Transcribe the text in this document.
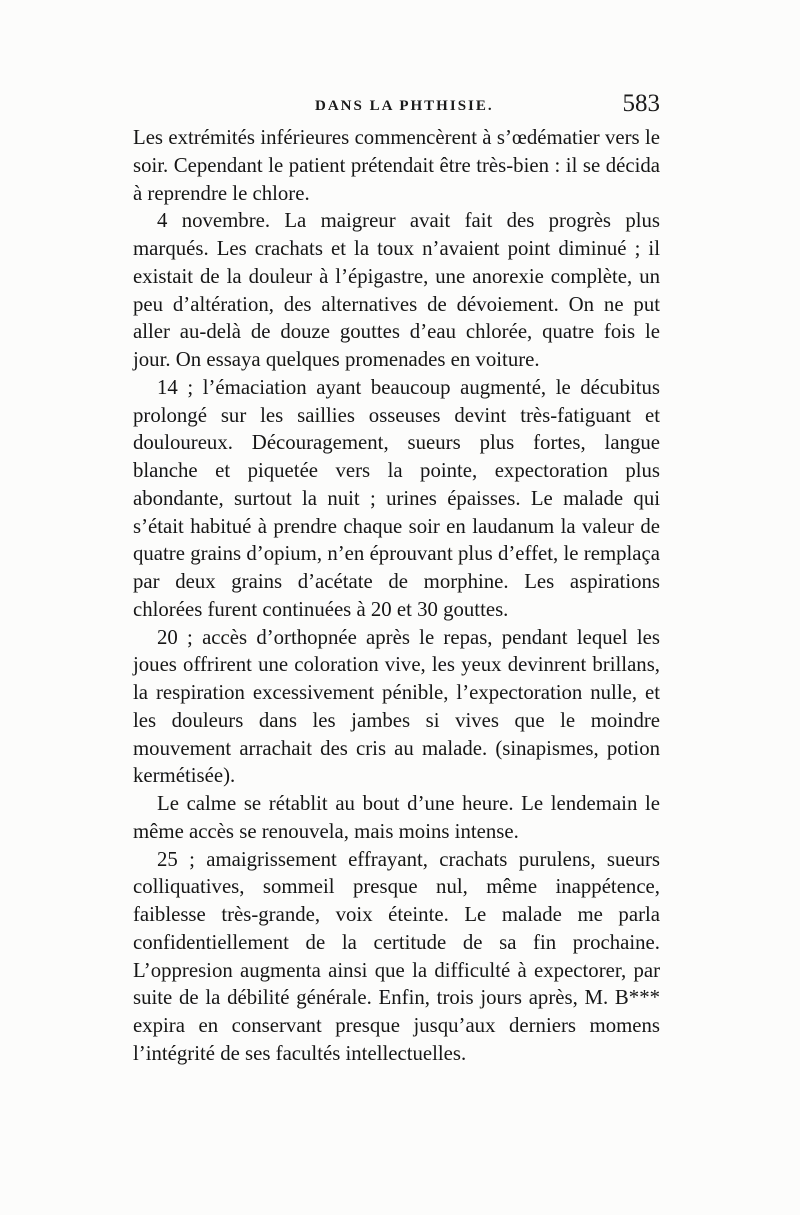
DANS LA PHTHISIE.	583

Les extrémités inférieures commencèrent à s’œdématier vers le soir. Cependant le patient prétendait être très-bien : il se décida à reprendre le chlore.

4 novembre. La maigreur avait fait des progrès plus marqués. Les crachats et la toux n’avaient point diminué ; il existait de la douleur à l’épigastre, une anorexie complète, un peu d’altération, des alternatives de dévoiement. On ne put aller au-delà de douze gouttes d’eau chlorée, quatre fois le jour. On essaya quelques promenades en voiture.

14 ; l’émaciation ayant beaucoup augmenté, le décubitus prolongé sur les saillies osseuses devint très-fatiguant et douloureux. Découragement, sueurs plus fortes, langue blanche et piquetée vers la pointe, expectoration plus abondante, surtout la nuit ; urines épaisses. Le malade qui s’était habitué à prendre chaque soir en laudanum la valeur de quatre grains d’opium, n’en éprouvant plus d’effet, le remplaça par deux grains d’acétate de morphine. Les aspirations chlorées furent continuées à 20 et 30 gouttes.

20 ; accès d’orthopnée après le repas, pendant lequel les joues offrirent une coloration vive, les yeux devinrent brillans, la respiration excessivement pénible, l’expectoration nulle, et les douleurs dans les jambes si vives que le moindre mouvement arrachait des cris au malade. (sinapismes, potion kermétisée).

Le calme se rétablit au bout d’une heure. Le lendemain le même accès se renouvela, mais moins intense.

25 ; amaigrissement effrayant, crachats purulens, sueurs colliquatives, sommeil presque nul, même inappétence, faiblesse très-grande, voix éteinte. Le malade me parla confidentiellement de la certitude de sa fin prochaine. L’oppresion augmenta ainsi que la difficulté à expectorer, par suite de la débilité générale. Enfin, trois jours après, M. B*** expira en conservant presque jusqu’aux derniers momens l’intégrité de ses facultés intellectuelles.
